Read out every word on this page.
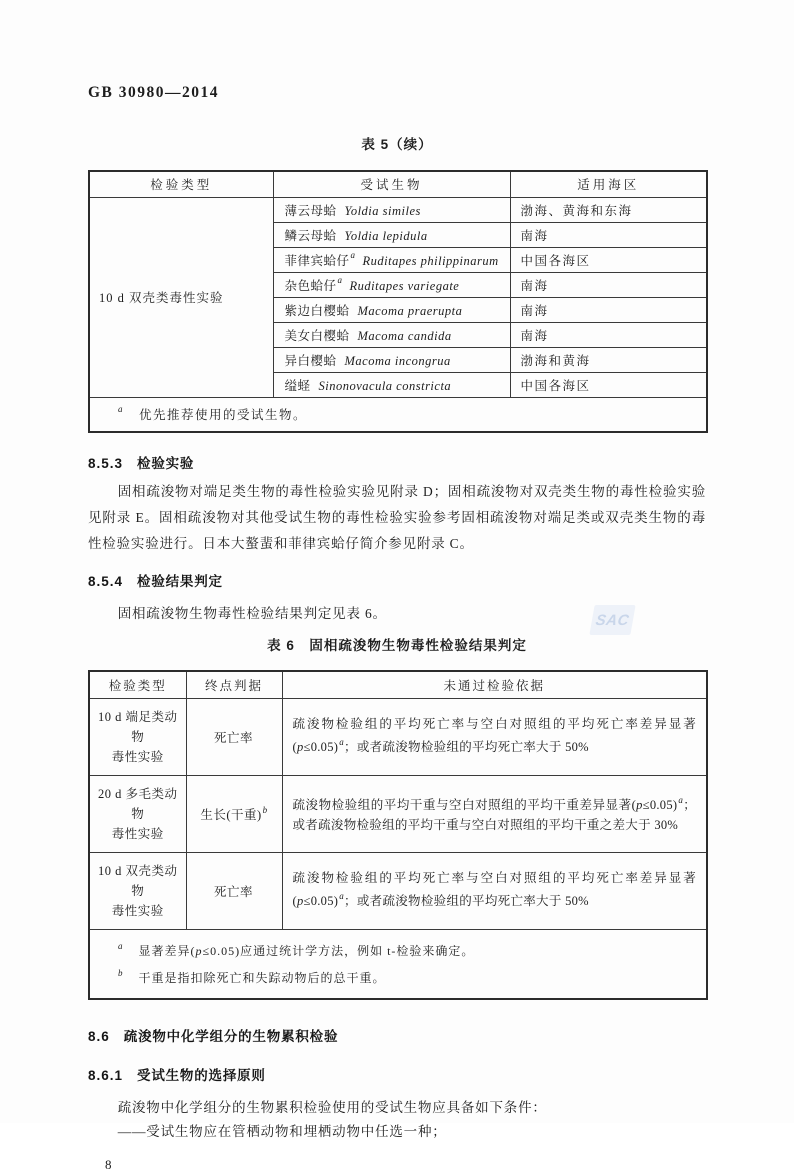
GB 30980—2014
表 5（续）
检验类型	受试生物	适用海区
10 d 双壳类毒性实验	薄云母蛤 Yoldia similes	渤海、黄海和东海
	鳞云母蛤 Yoldia lepidula	南海
	菲律宾蛤仔$^a$ Ruditapes philippinarum	中国各海区
	杂色蛤仔$^a$ Ruditapes variegate	南海
	紫边白樱蛤 Macoma praerupta	南海
	美女白樱蛤 Macoma candida	南海
	异白樱蛤 Macoma incongrua	渤海和黄海
	缢蛏 Sinonovacula constricta	中国各海区
$^a$ 优先推荐使用的受试生物。		
8.5.3 检验实验

固相疏浚物对端足类生物的毒性检验实验见附录 D；固相疏浚物对双壳类生物的毒性检验实验见附录 E。固相疏浚物对其他受试生物的毒性检验实验参考固相疏浚物对端足类或双壳类生物的毒性检验实验进行。日本大螯蜚和菲律宾蛤仔简介参见附录 C。

8.5.4 检验结果判定

固相疏浚物生物毒性检验结果判定见表 6。

表 6　固相疏浚物生物毒性检验结果判定
检验类型	终点判据	未通过检验依据

10 d 端足类动物
毒性实验	死亡率	疏浚物检验组的平均死亡率与空白对照组的平均死亡率差异显著(p≤0.05)$^a$；或者疏浚物检验组的平均死亡率大于 50%

20 d 多毛类动物
毒性实验	生长(干重)$^b$	疏浚物检验组的平均干重与空白对照组的平均干重差异显著(p≤0.05)$^a$；或者疏浚物检验组的平均干重与空白对照组的平均干重之差大于 30%

10 d 双壳类动物
毒性实验	死亡率	疏浚物检验组的平均死亡率与空白对照组的平均死亡率差异显著(p≤0.05)$^a$；或者疏浚物检验组的平均死亡率大于 50%

$^a$ 显著差异(p≤0.05)应通过统计学方法，例如 t-检验来确定。
$^b$ 干重是指扣除死亡和失踪动物后的总干重。		
8.6 疏浚物中化学组分的生物累积检验
8.6.1 受试生物的选择原则

疏浚物中化学组分的生物累积检验使用的受试生物应具备如下条件：

——受试生物应在管栖动物和埋栖动物中任选一种；

8
SAC
